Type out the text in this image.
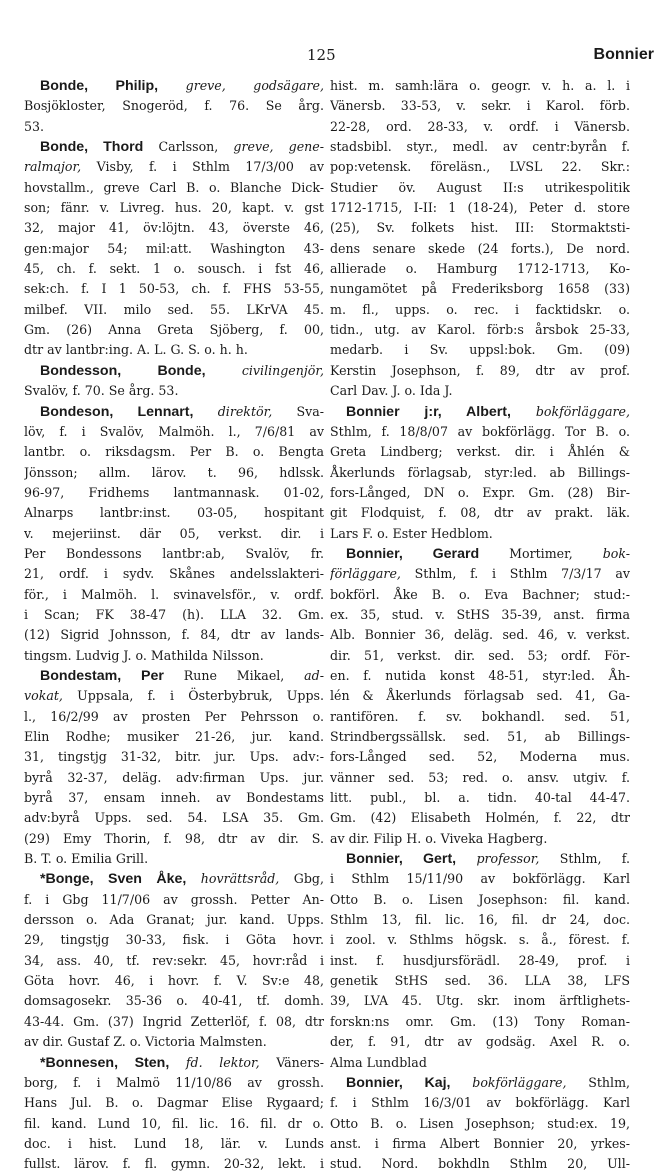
125	Bonnier
Bonde, Philip, greve, godsägare,
Bosjökloster, Snogeröd, f. 76. Se årg.
53.
Bonde, Thord Carlsson, greve, gene-
ralmajor, Visby, f. i Sthlm 17/3/00 av
hovstallm., greve Carl B. o. Blanche Dick-
son; fänr. v. Livreg. hus. 20, kapt. v. gst
32, major 41, öv:löjtn. 43, överste 46,
gen:major 54; mil:att. Washington 43-
45, ch. f. sekt. 1 o. sousch. i fst 46,
sek:ch. f. I 1 50-53, ch. f. FHS 53-55,
milbef. VII. milo sed. 55. LKrVA 45.
Gm. (26) Anna Greta Sjöberg, f. 00,
dtr av lantbr:ing. A. L. G. S. o. h. h.
Bondesson, Bonde, civilingenjör,
Svalöv, f. 70. Se årg. 53.
Bondeson, Lennart, direktör, Sva-
löv, f. i Svalöv, Malmöh. l., 7/6/81 av
lantbr. o. riksdagsm. Per B. o. Bengta
Jönsson; allm. lärov. t. 96, hdlssk.
96-97, Fridhems lantmannask. 01-02,
Alnarps lantbr:inst. 03-05, hospitant
v. mejeriinst. där 05, verkst. dir. i
Per Bondessons lantbr:ab, Svalöv, fr.
21, ordf. i sydv. Skånes andelsslakteri-
för., i Malmöh. l. svinavelsför., v. ordf.
i Scan; FK 38-47 (h). LLA 32. Gm.
(12) Sigrid Johnsson, f. 84, dtr av lands-
tingsm. Ludvig J. o. Mathilda Nilsson.
Bondestam, Per Rune Mikael, ad-
vokat, Uppsala, f. i Österbybruk, Upps.
l., 16/2/99 av prosten Per Pehrsson o.
Elin Rodhe; musiker 21-26, jur. kand.
31, tingstjg 31-32, bitr. jur. Ups. adv:-
byrå 32-37, deläg. adv:firman Ups. jur.
byrå 37, ensam inneh. av Bondestams
adv:byrå Upps. sed. 54. LSA 35. Gm.
(29) Emy Thorin, f. 98, dtr av dir. S.
B. T. o. Emilia Grill.
*Bonge, Sven Åke, hovrättsråd, Gbg,
f. i Gbg 11/7/06 av grossh. Petter An-
dersson o. Ada Granat; jur. kand. Upps.
29, tingstjg 30-33, fisk. i Göta hovr.
34, ass. 40, tf. rev:sekr. 45, hovr:råd i
Göta hovr. 46, i hovr. f. V. Sv:e 48,
domsagosekr. 35-36 o. 40-41, tf. domh.
43-44. Gm. (37) Ingrid Zetterlöf, f. 08, dtr
av dir. Gustaf Z. o. Victoria Malmsten.
*Bonnesen, Sten, fd. lektor, Väners-
borg, f. i Malmö 11/10/86 av grossh.
Hans Jul. B. o. Dagmar Elise Rygaard;
fil. kand. Lund 10, fil. lic. 16. fil. dr o.
doc. i hist. Lund 18, lär. v. Lunds
fullst. lärov. f. fl. gymn. 20-32, lekt. i
hist. m. samh:lära o. geogr. v. h. a. l. i
Vänersb. 33-53, v. sekr. i Karol. förb.
22-28, ord. 28-33, v. ordf. i Vänersb.
stadsbibl. styr., medl. av centr:byrån f.
pop:vetensk. föreläsn., LVSL 22. Skr.:
Studier öv. August II:s utrikespolitik
1712-1715, I-II: 1 (18-24), Peter d. store
(25), Sv. folkets hist. III: Stormaktsti-
dens senare skede (24 forts.), De nord.
allierade o. Hamburg 1712-1713, Ko-
nungamötet på Frederiksborg 1658 (33)
m. fl., upps. o. rec. i facktidskr. o.
tidn., utg. av Karol. förb:s årsbok 25-33,
medarb. i Sv. uppsl:bok. Gm. (09)
Kerstin Josephson, f. 89, dtr av prof.
Carl Dav. J. o. Ida J.
Bonnier j:r, Albert, bokförläggare,
Sthlm, f. 18/8/07 av bokförlägg. Tor B. o.
Greta Lindberg; verkst. dir. i Åhlén &
Åkerlunds förlagsab, styr:led. ab Billings-
fors-Långed, DN o. Expr. Gm. (28) Bir-
git Flodquist, f. 08, dtr av prakt. läk.
Lars F. o. Ester Hedblom.
Bonnier, Gerard Mortimer, bok-
förläggare, Sthlm, f. i Sthlm 7/3/17 av
bokförl. Åke B. o. Eva Bachner; stud:-
ex. 35, stud. v. StHS 35-39, anst. firma
Alb. Bonnier 36, deläg. sed. 46, v. verkst.
dir. 51, verkst. dir. sed. 53; ordf. För-
en. f. nutida konst 48-51, styr:led. Åh-
lén & Åkerlunds förlagsab sed. 41, Ga-
rantifören. f. sv. bokhandl. sed. 51,
Strindbergssällsk. sed. 51, ab Billings-
fors-Långed sed. 52, Moderna mus.
vänner sed. 53; red. o. ansv. utgiv. f.
litt. publ., bl. a. tidn. 40-tal 44-47.
Gm. (42) Elisabeth Holmén, f. 22, dtr
av dir. Filip H. o. Viveka Hagberg.
Bonnier, Gert, professor, Sthlm, f.
i Sthlm 15/11/90 av bokförlägg. Karl
Otto B. o. Lisen Josephson: fil. kand.
Sthlm 13, fil. lic. 16, fil. dr 24, doc.
i zool. v. Sthlms högsk. s. å., förest. f.
inst. f. husdjursförädl. 28-49, prof. i
genetik StHS sed. 36. LLA 38, LFS
39, LVA 45. Utg. skr. inom ärftlighets-
forskn:ns omr. Gm. (13) Tony Roman-
der, f. 91, dtr av godsäg. Axel R. o.
Alma Lundblad
Bonnier, Kaj, bokförläggare, Sthlm,
f. i Sthlm 16/3/01 av bokförlägg. Karl
Otto B. o. Lisen Josephson; stud:ex. 19,
anst. i firma Albert Bonnier 20, yrkes-
stud. Nord. bokhdln Sthlm 20, Ull-
